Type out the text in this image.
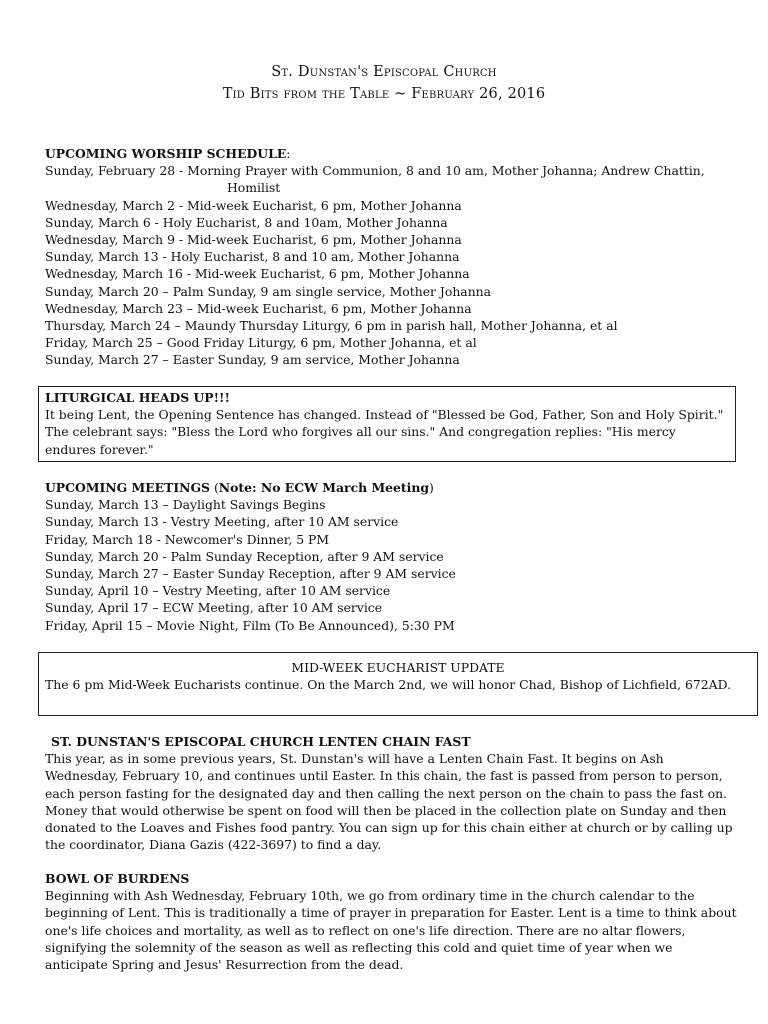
St. Dunstan's Episcopal Church
Tid Bits from the Table ~ February 26, 2016
UPCOMING WORSHIP SCHEDULE:
Sunday, February 28 - Morning Prayer with Communion, 8 and 10 am, Mother Johanna; Andrew Chattin,
Homilist
Wednesday, March 2 - Mid-week Eucharist, 6 pm, Mother Johanna
Sunday, March 6 - Holy Eucharist, 8 and 10am, Mother Johanna
Wednesday, March 9 - Mid-week Eucharist, 6 pm, Mother Johanna
Sunday, March 13 - Holy Eucharist, 8 and 10 am, Mother Johanna
Wednesday, March 16 - Mid-week Eucharist, 6 pm, Mother Johanna
Sunday, March 20 – Palm Sunday, 9 am single service, Mother Johanna
Wednesday, March 23 – Mid-week Eucharist, 6 pm, Mother Johanna
Thursday, March 24 – Maundy Thursday Liturgy, 6 pm in parish hall, Mother Johanna, et al
Friday, March 25 – Good Friday Liturgy, 6 pm, Mother Johanna, et al
Sunday, March 27 – Easter Sunday, 9 am service, Mother Johanna
LITURGICAL HEADS UP!!!
It being Lent, the Opening Sentence has changed. Instead of "Blessed be God, Father, Son and Holy Spirit." The celebrant says: "Bless the Lord who forgives all our sins." And congregation replies: "His mercy endures forever."
UPCOMING MEETINGS (Note: No ECW March Meeting)
Sunday, March 13 – Daylight Savings Begins
Sunday, March 13 - Vestry Meeting, after 10 AM service
Friday, March 18 - Newcomer's Dinner, 5 PM
Sunday, March 20 - Palm Sunday Reception, after 9 AM service
Sunday, March 27 – Easter Sunday Reception, after 9 AM service
Sunday, April 10 – Vestry Meeting, after 10 AM service
Sunday, April 17 – ECW Meeting, after 10 AM service
Friday, April 15 – Movie Night, Film (To Be Announced), 5:30 PM
MID-WEEK EUCHARIST UPDATE
The 6 pm Mid-Week Eucharists continue. On the March 2nd, we will honor Chad, Bishop of Lichfield, 672AD.
ST. DUNSTAN'S EPISCOPAL CHURCH LENTEN CHAIN FAST
This year, as in some previous years, St. Dunstan's will have a Lenten Chain Fast. It begins on Ash Wednesday, February 10, and continues until Easter. In this chain, the fast is passed from person to person, each person fasting for the designated day and then calling the next person on the chain to pass the fast on. Money that would otherwise be spent on food will then be placed in the collection plate on Sunday and then donated to the Loaves and Fishes food pantry. You can sign up for this chain either at church or by calling up the coordinator, Diana Gazis (422-3697) to find a day.
BOWL OF BURDENS
Beginning with Ash Wednesday, February 10th, we go from ordinary time in the church calendar to the beginning of Lent. This is traditionally a time of prayer in preparation for Easter. Lent is a time to think about one's life choices and mortality, as well as to reflect on one's life direction. There are no altar flowers, signifying the solemnity of the season as well as reflecting this cold and quiet time of year when we anticipate Spring and Jesus' Resurrection from the dead.
